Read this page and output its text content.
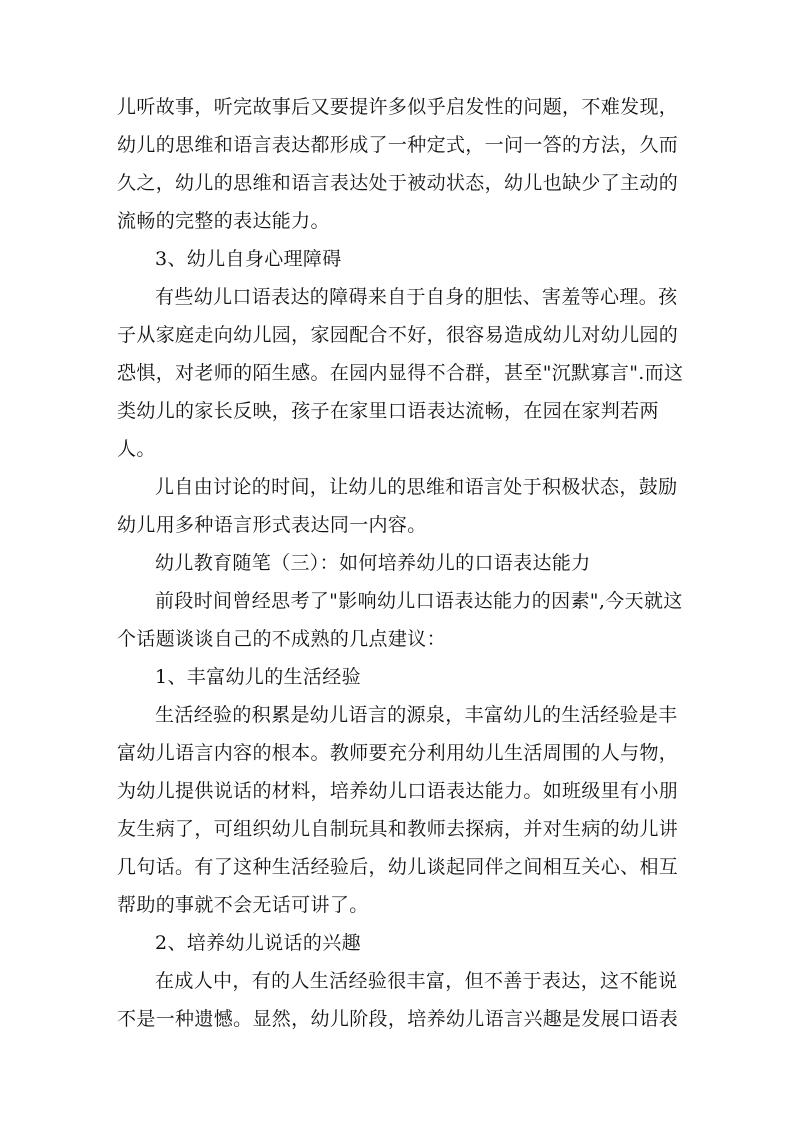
儿听故事，听完故事后又要提许多似乎启发性的问题，不难发现，
幼儿的思维和语言表达都形成了一种定式，一问一答的方法，久而
久之，幼儿的思维和语言表达处于被动状态，幼儿也缺少了主动的
流畅的完整的表达能力。
3、幼儿自身心理障碍
有些幼儿口语表达的障碍来自于自身的胆怯、害羞等心理。孩
子从家庭走向幼儿园，家园配合不好，很容易造成幼儿对幼儿园的
恐惧，对老师的陌生感。在园内显得不合群，甚至"沉默寡言".而这
类幼儿的家长反映，孩子在家里口语表达流畅，在园在家判若两
人。
儿自由讨论的时间，让幼儿的思维和语言处于积极状态，鼓励
幼儿用多种语言形式表达同一内容。
幼儿教育随笔（三）：如何培养幼儿的口语表达能力
前段时间曾经思考了"影响幼儿口语表达能力的因素",今天就这
个话题谈谈自己的不成熟的几点建议：
1、丰富幼儿的生活经验
生活经验的积累是幼儿语言的源泉，丰富幼儿的生活经验是丰
富幼儿语言内容的根本。教师要充分利用幼儿生活周围的人与物，
为幼儿提供说话的材料，培养幼儿口语表达能力。如班级里有小朋
友生病了，可组织幼儿自制玩具和教师去探病，并对生病的幼儿讲
几句话。有了这种生活经验后，幼儿谈起同伴之间相互关心、相互
帮助的事就不会无话可讲了。
2、培养幼儿说话的兴趣
在成人中，有的人生活经验很丰富，但不善于表达，这不能说
不是一种遗憾。显然，幼儿阶段，培养幼儿语言兴趣是发展口语表
